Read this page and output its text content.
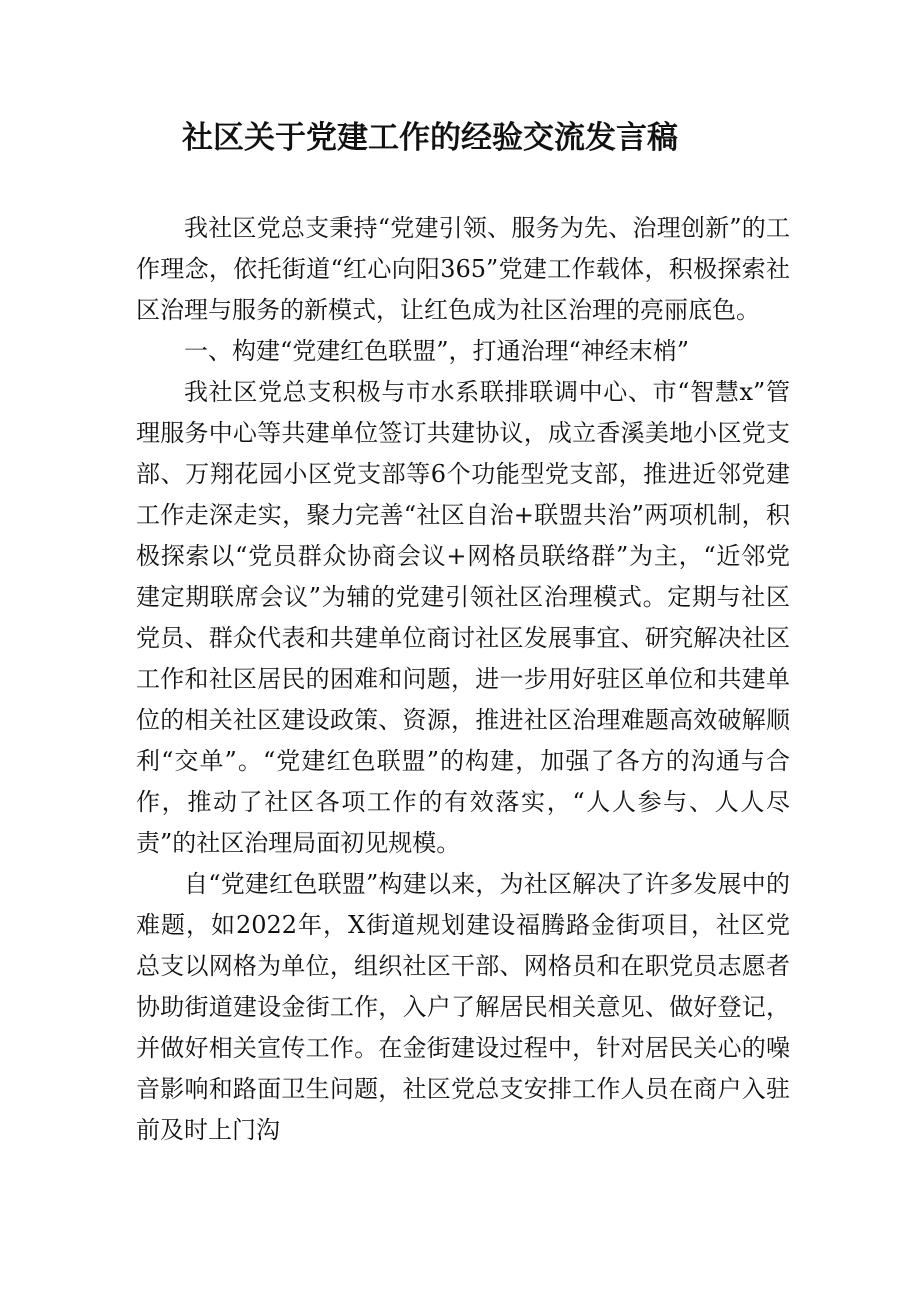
社区关于党建工作的经验交流发言稿

我社区党总支秉持“党建引领、服务为先、治理创新”的工作理念，依托街道“红心向阳365”党建工作载体，积极探索社区治理与服务的新模式，让红色成为社区治理的亮丽底色。

一、构建“党建红色联盟”，打通治理“神经末梢”

我社区党总支积极与市水系联排联调中心、市“智慧x”管理服务中心等共建单位签订共建协议，成立香溪美地小区党支部、万翔花园小区党支部等6个功能型党支部，推进近邻党建工作走深走实，聚力完善“社区自治+联盟共治”两项机制，积极探索以“党员群众协商会议+网格员联络群”为主，“近邻党建定期联席会议”为辅的党建引领社区治理模式。定期与社区党员、群众代表和共建单位商讨社区发展事宜、研究解决社区工作和社区居民的困难和问题，进一步用好驻区单位和共建单位的相关社区建设政策、资源，推进社区治理难题高效破解顺利“交单”。“党建红色联盟”的构建，加强了各方的沟通与合作，推动了社区各项工作的有效落实，“人人参与、人人尽责”的社区治理局面初见规模。

自“党建红色联盟”构建以来，为社区解决了许多发展中的难题，如2022年，X街道规划建设福腾路金街项目，社区党总支以网格为单位，组织社区干部、网格员和在职党员志愿者协助街道建设金街工作，入户了解居民相关意见、做好登记，并做好相关宣传工作。在金街建设过程中，针对居民关心的噪音影响和路面卫生问题，社区党总支安排工作人员在商户入驻前及时上门沟
